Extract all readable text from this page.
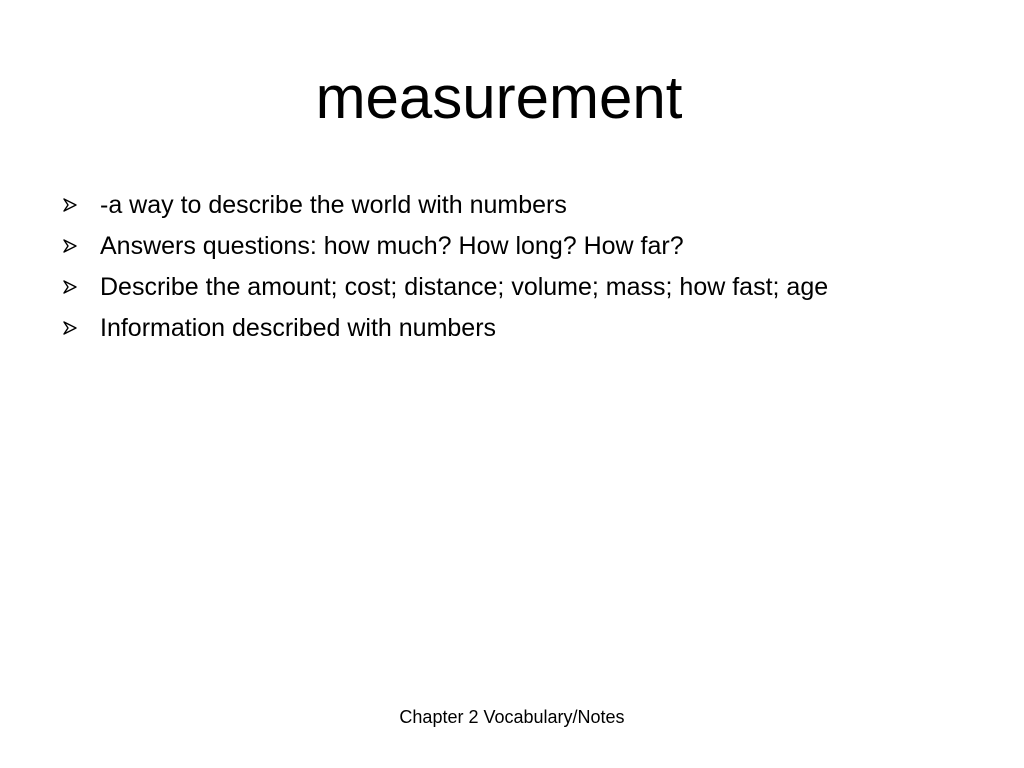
measurement
-a way to describe the world with numbers
Answers questions: how much? How long? How far?
Describe the amount; cost; distance; volume; mass; how fast; age
Information described with numbers
Chapter 2 Vocabulary/Notes
